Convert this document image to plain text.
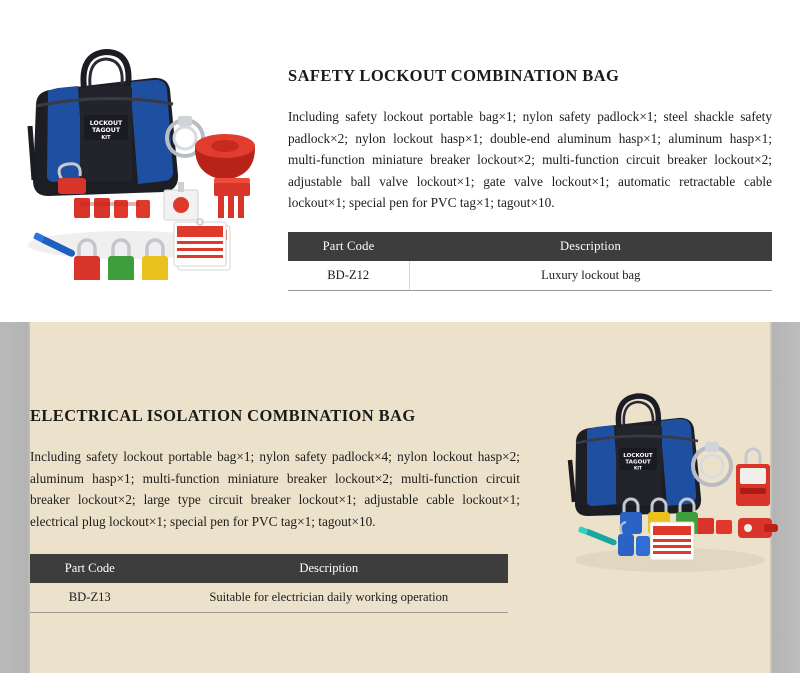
LOCKOUT
TAGOUT
KIT
SAFETY LOCKOUT COMBINATION BAG

Including safety lockout portable bag×1; nylon safety padlock×1; steel shackle safety padlock×2; nylon lockout hasp×1; double-end aluminum hasp×1; aluminum hasp×1; multi-function miniature breaker lockout×2; multi-function circuit breaker lockout×2; adjustable ball valve lockout×1; gate valve lockout×1; automatic retractable cable lockout×1; special pen for PVC tag×1; tagout×10.

Part Code	Description
BD-Z12	Luxury lockout bag
LOCKOUT
TAGOUT
KIT
ELECTRICAL ISOLATION COMBINATION BAG

Including safety lockout portable bag×1; nylon safety padlock×4; nylon lockout hasp×2; aluminum hasp×1; multi-function miniature breaker lockout×2; multi-function circuit breaker lockout×2; large type circuit breaker lockout×1; adjustable cable lockout×1; electrical plug lockout×1; special pen for PVC tag×1; tagout×10.

Part Code	Description
BD-Z13	Suitable for electrician daily working operation
